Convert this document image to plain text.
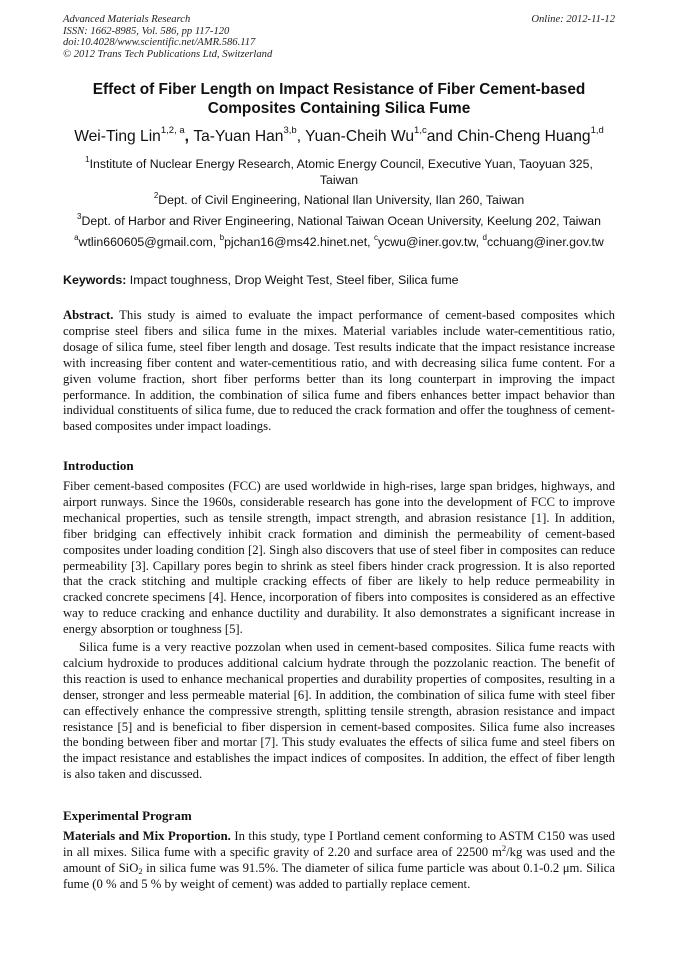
Advanced Materials Research
ISSN: 1662-8985, Vol. 586, pp 117-120
doi:10.4028/www.scientific.net/AMR.586.117
© 2012 Trans Tech Publications Ltd, Switzerland
Online: 2012-11-12
Effect of Fiber Length on Impact Resistance of Fiber Cement-based
Composites Containing Silica Fume
Wei-Ting Lin$^{1,2, a}$, Ta-Yuan Han$^{3,b}$, Yuan-Cheih Wu$^{1,c}$and Chin-Cheng Huang$^{1,d}$
$^1$Institute of Nuclear Energy Research, Atomic Energy Council, Executive Yuan, Taoyuan 325,
Taiwan
$^2$Dept. of Civil Engineering, National Ilan University, Ilan 260, Taiwan
$^3$Dept. of Harbor and River Engineering, National Taiwan Ocean University, Keelung 202, Taiwan
$^a$wtlin660605@gmail.com, $^b$pjchan16@ms42.hinet.net, $^c$ycwu@iner.gov.tw, $^d$cchuang@iner.gov.tw
Keywords: Impact toughness, Drop Weight Test, Steel fiber, Silica fume
Abstract. This study is aimed to evaluate the impact performance of cement-based composites which comprise steel fibers and silica fume in the mixes. Material variables include water-cementitious ratio, dosage of silica fume, steel fiber length and dosage. Test results indicate that the impact resistance increase with increasing fiber content and water-cementitious ratio, and with decreasing silica fume content. For a given volume fraction, short fiber performs better than its long counterpart in improving the impact performance. In addition, the combination of silica fume and fibers enhances better impact behavior than individual constituents of silica fume, due to reduced the crack formation and offer the toughness of cement-based composites under impact loadings.
Introduction
Fiber cement-based composites (FCC) are used worldwide in high-rises, large span bridges, highways, and airport runways. Since the 1960s, considerable research has gone into the development of FCC to improve mechanical properties, such as tensile strength, impact strength, and abrasion resistance [1]. In addition, fiber bridging can effectively inhibit crack formation and diminish the permeability of cement-based composites under loading condition [2]. Singh also discovers that use of steel fiber in composites can reduce permeability [3]. Capillary pores begin to shrink as steel fibers hinder crack progression. It is also reported that the crack stitching and multiple cracking effects of fiber are likely to help reduce permeability in cracked concrete specimens [4]. Hence, incorporation of fibers into composites is considered as an effective way to reduce cracking and enhance ductility and durability. It also demonstrates a significant increase in energy absorption or toughness [5].
Silica fume is a very reactive pozzolan when used in cement-based composites. Silica fume reacts with calcium hydroxide to produces additional calcium hydrate through the pozzolanic reaction. The benefit of this reaction is used to enhance mechanical properties and durability properties of composites, resulting in a denser, stronger and less permeable material [6]. In addition, the combination of silica fume with steel fiber can effectively enhance the compressive strength, splitting tensile strength, abrasion resistance and impact resistance [5] and is beneficial to fiber dispersion in cement-based composites. Silica fume also increases the bonding between fiber and mortar [7]. This study evaluates the effects of silica fume and steel fibers on the impact resistance and establishes the impact indices of composites. In addition, the effect of fiber length is also taken and discussed.
Experimental Program
Materials and Mix Proportion. In this study, type I Portland cement conforming to ASTM C150 was used in all mixes. Silica fume with a specific gravity of 2.20 and surface area of 22500 $m^2/kg$ was used and the amount of SiO$_2$ in silica fume was 91.5%. The diameter of silica fume particle was about 0.1-0.2 μm. Silica fume (0 % and 5 % by weight of cement) was added to partially replace cement.
